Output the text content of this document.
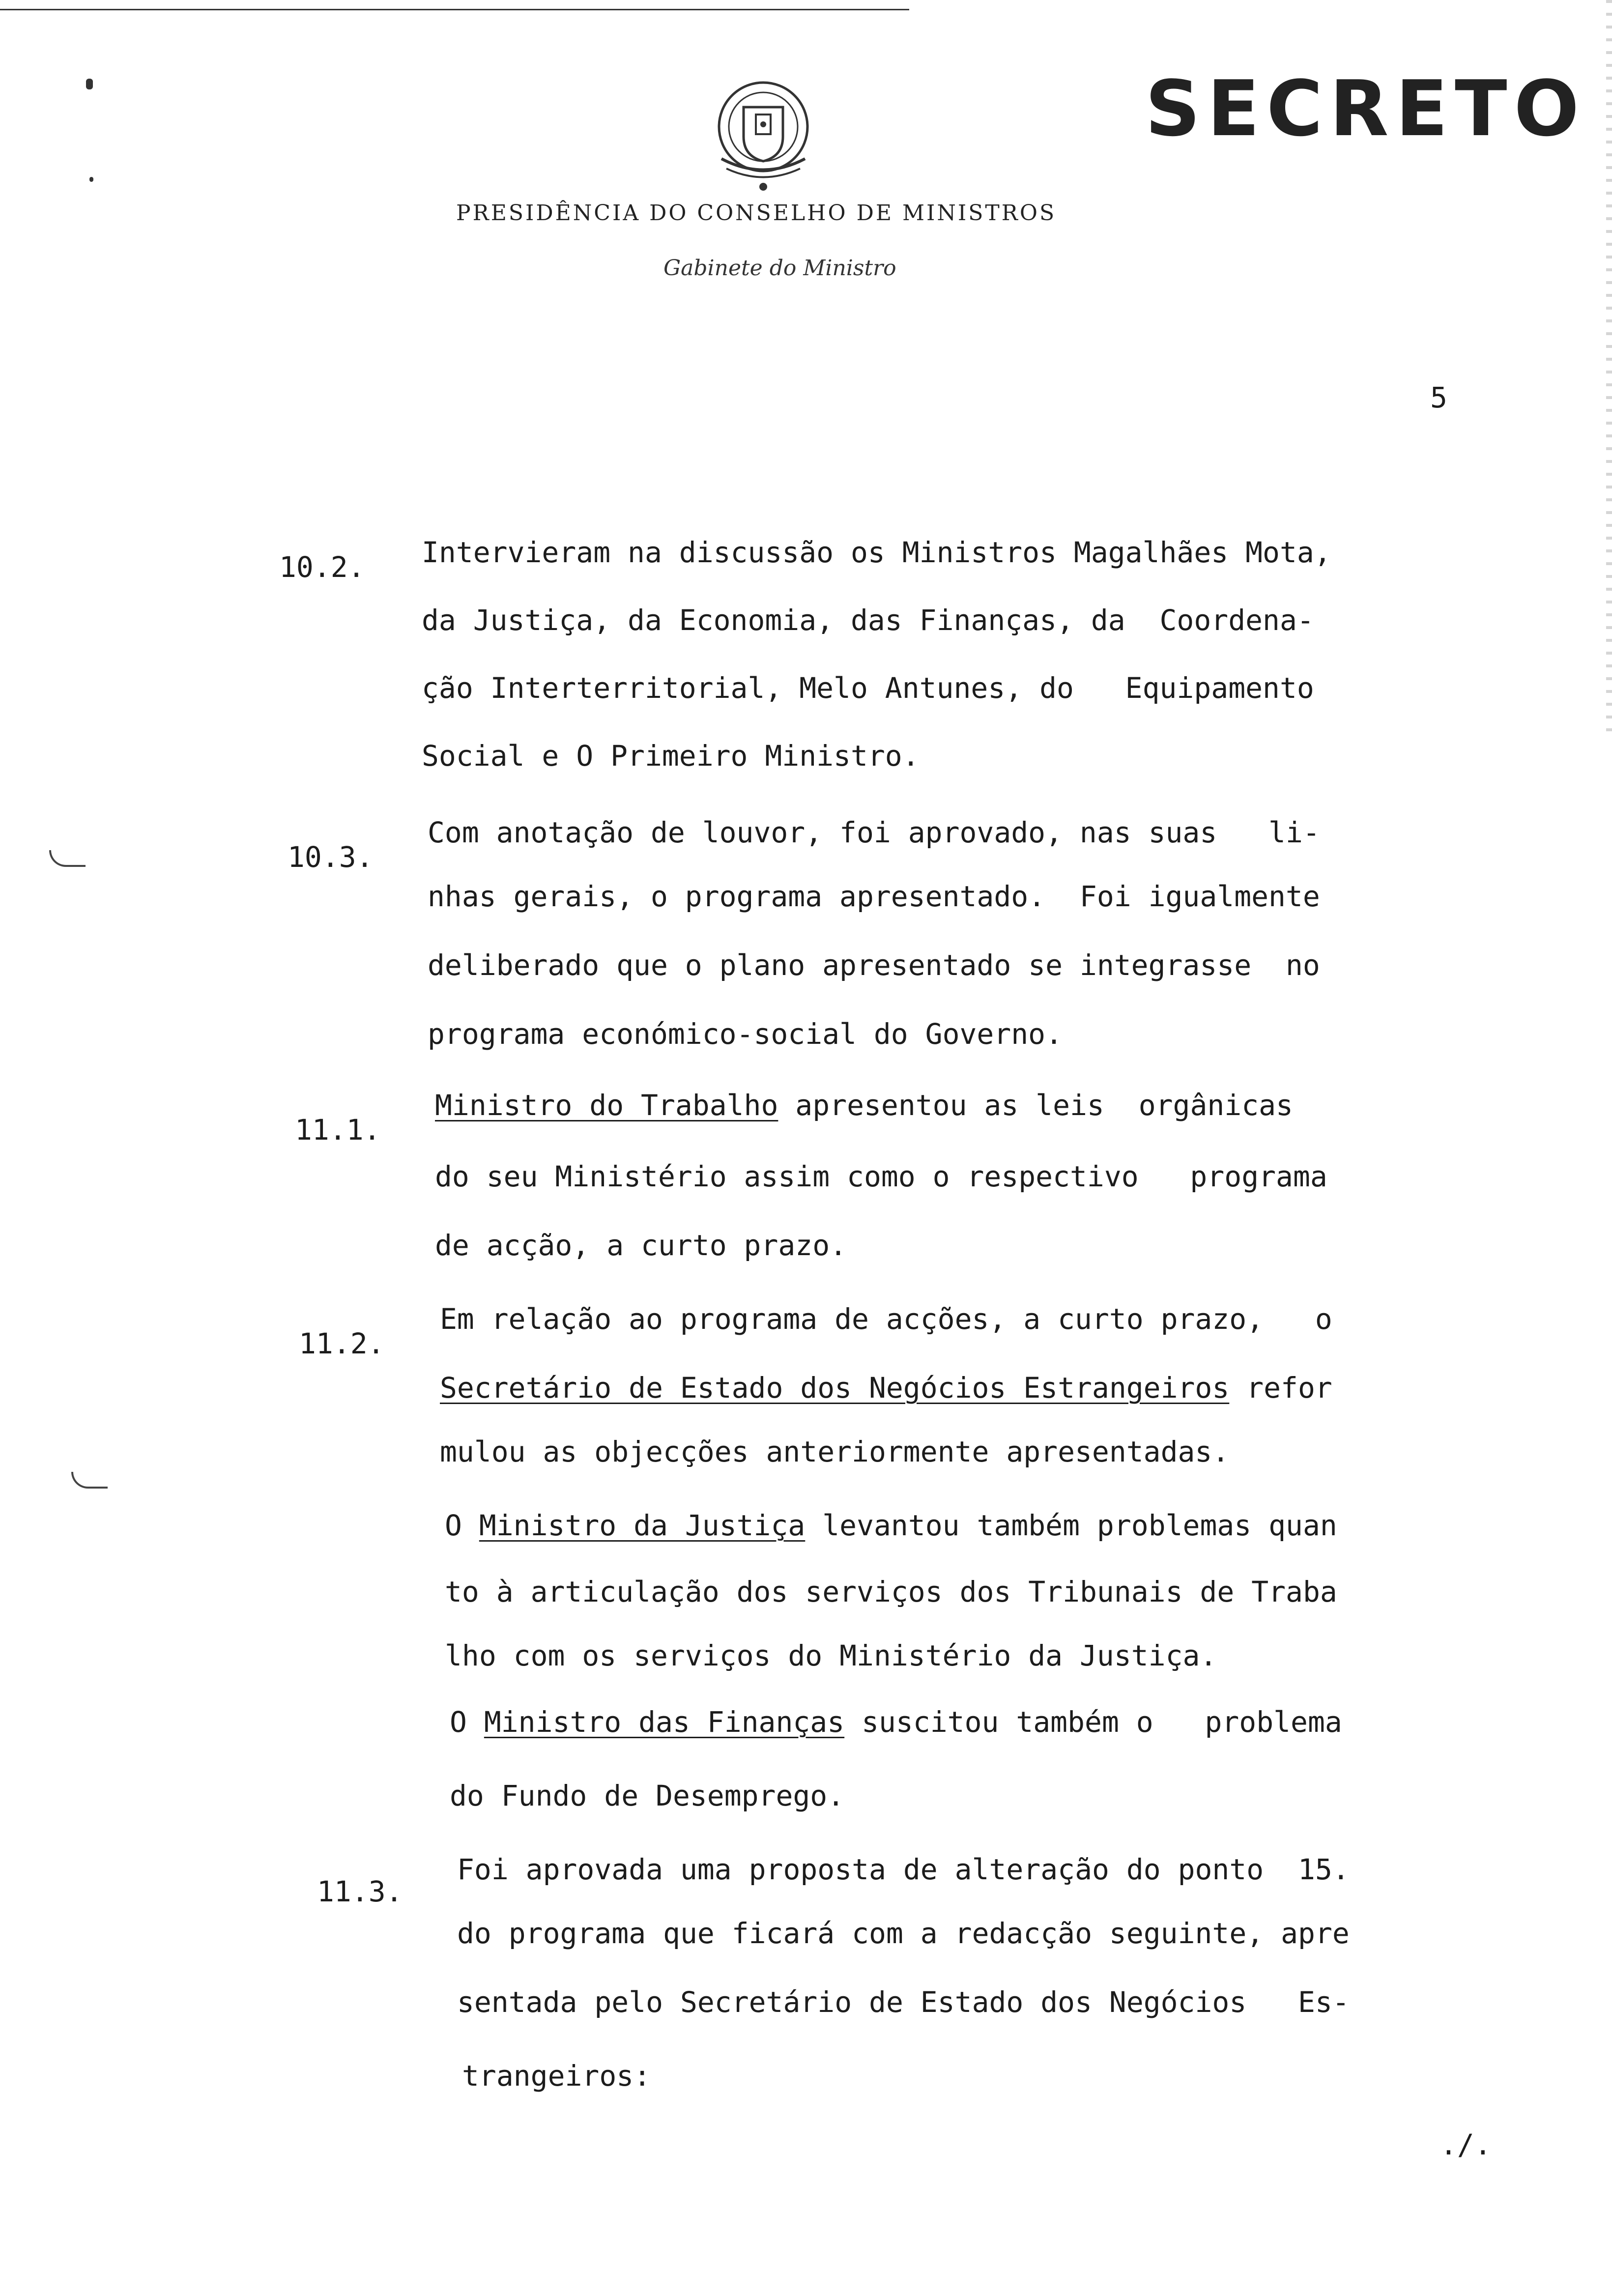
SECRETO
PRESIDÊNCIA DO CONSELHO DE MINISTROS
Gabinete do Ministro
5
10.2. Intervieram na discussão os Ministros Magalhães Mota,
da Justiça, da Economia, das Finanças, da  Coordena-
ção Interterritorial, Melo Antunes, do   Equipamento
Social e O Primeiro Ministro.
10.3.
Com anotação de louvor, foi aprovado, nas suas   li-
nhas gerais, o programa apresentado.  Foi igualmente
deliberado que o plano apresentado se integrasse  no
programa económico-social do Governo.
11.1.
Ministro do Trabalho apresentou as leis  orgânicas
do seu Ministério assim como o respectivo   programa
de acção, a curto prazo.
11.2.
Em relação ao programa de acções, a curto prazo,   o
Secretário de Estado dos Negócios Estrangeiros refor
mulou as objecções anteriormente apresentadas.
O Ministro da Justiça levantou também problemas quan
to à articulação dos serviços dos Tribunais de Traba
lho com os serviços do Ministério da Justiça.
O Ministro das Finanças suscitou também o   problema
do Fundo de Desemprego.
11.3.
Foi aprovada uma proposta de alteração do ponto  15.
do programa que ficará com a redacção seguinte, apre
sentada pelo Secretário de Estado dos Negócios   Es-
trangeiros:
./.
